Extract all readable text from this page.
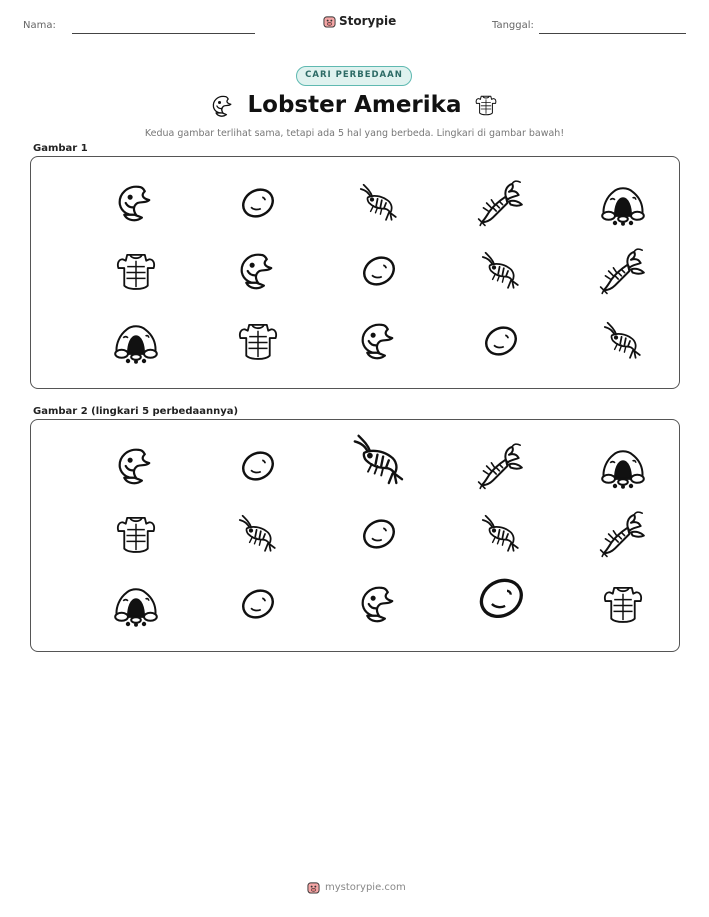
Nama:	Storypie	Tanggal:
CARI PERBEDAAN
Lobster Amerika
Kedua gambar terlihat sama, tetapi ada 5 hal yang berbeda. Lingkari di gambar bawah!
Gambar 1
Gambar 2 (lingkari 5 perbedaannya)
mystorypie.com
